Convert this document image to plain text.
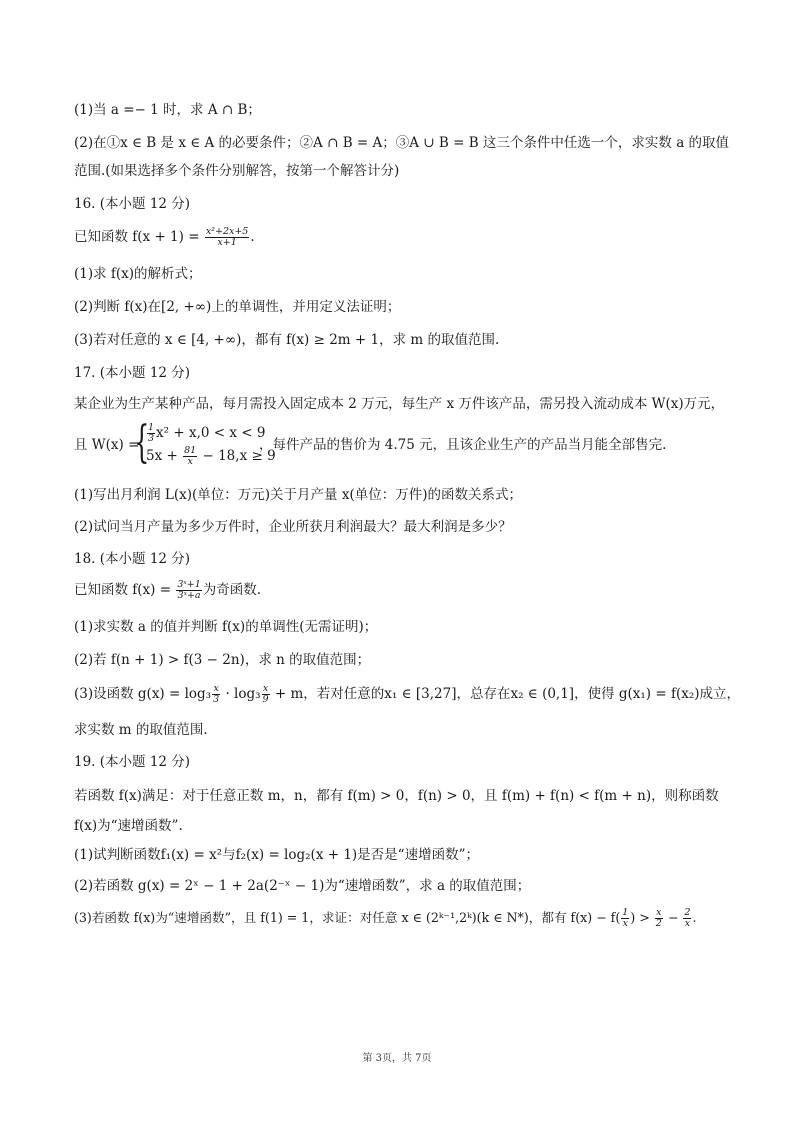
(1)当 a =− 1 时，求 A ∩ B；
(2)在①x ∈ B 是 x ∈ A 的必要条件；②A ∩ B = A；③A ∪ B = B 这三个条件中任选一个，求实数 a 的取值
范围.(如果选择多个条件分别解答，按第一个解答计分)
16. (本小题 12 分)
已知函数 $f(x + 1) = \frac{\text{x²+2x+5}}{x+1}$ .
(1)求 f(x)的解析式；
(2)判断 f(x)在[2, +∞)上的单调性，并用定义法证明；
(3)若对任意的 x ∈ [4, +∞)，都有 f(x) ≥ 2m + 1，求 m 的取值范围.
17. (本小题 12 分)
某企业为生产某种产品，每月需投入固定成本 2 万元，每生产 x 万件该产品，需另投入流动成本 W(x)万元，
且 W(x) =
{
$\frac{1}{3} x^2 + x,0 < x < 9$
$5x + \frac{81}{x} - 18,x \ge 9$
，每件产品的售价为 4.75 元，且该企业生产的产品当月能全部售完.
(1)写出月利润 L(x)(单位：万元)关于月产量 x(单位：万件)的函数关系式；
(2)试问当月产量为多少万件时，企业所获月利润最大？最大利润是多少？
18. (本小题 12 分)
已知函数 $f(x) = \frac{\text{3ˣ+1}}{\text{3ˣ+a}}$ 为奇函数.
(1)求实数 a 的值并判断 f(x)的单调性(无需证明)；
(2)若 f(n + 1) > f(3 − 2n)，求 n 的取值范围；
(3)设函数 $g(x) = \log_3 \frac{x}{3} \cdot \log_3 \frac{x}{9} + m$，若对任意的x₁ ∈ [3,27]，总存在x₂ ∈ (0,1]，使得 g(x₁) = f(x₂)成立，
求实数 m 的取值范围.
19. (本小题 12 分)
若函数 f(x)满足：对于任意正数 m，n，都有 f(m) > 0，f(n) > 0，且 f(m) + f(n) < f(m + n)，则称函数
f(x)为“速增函数”.
(1)试判断函数f₁(x) = x²与f₂(x) = log₂(x + 1)是否是“速增函数”；
(2)若函数 g(x) = 2ˣ − 1 + 2a(2⁻ˣ − 1)为“速增函数”，求 a 的取值范围；
(3)若函数 f(x)为“速增函数”，且 f(1) = 1，求证：对任意 x ∈ (2ᵏ⁻¹,2ᵏ)(k ∈ N*)，都有 $f(x) - f( \frac{1}{x}$ ) > $\frac{x}{2} - \frac{2}{x}$ .
第 3页，共 7页
